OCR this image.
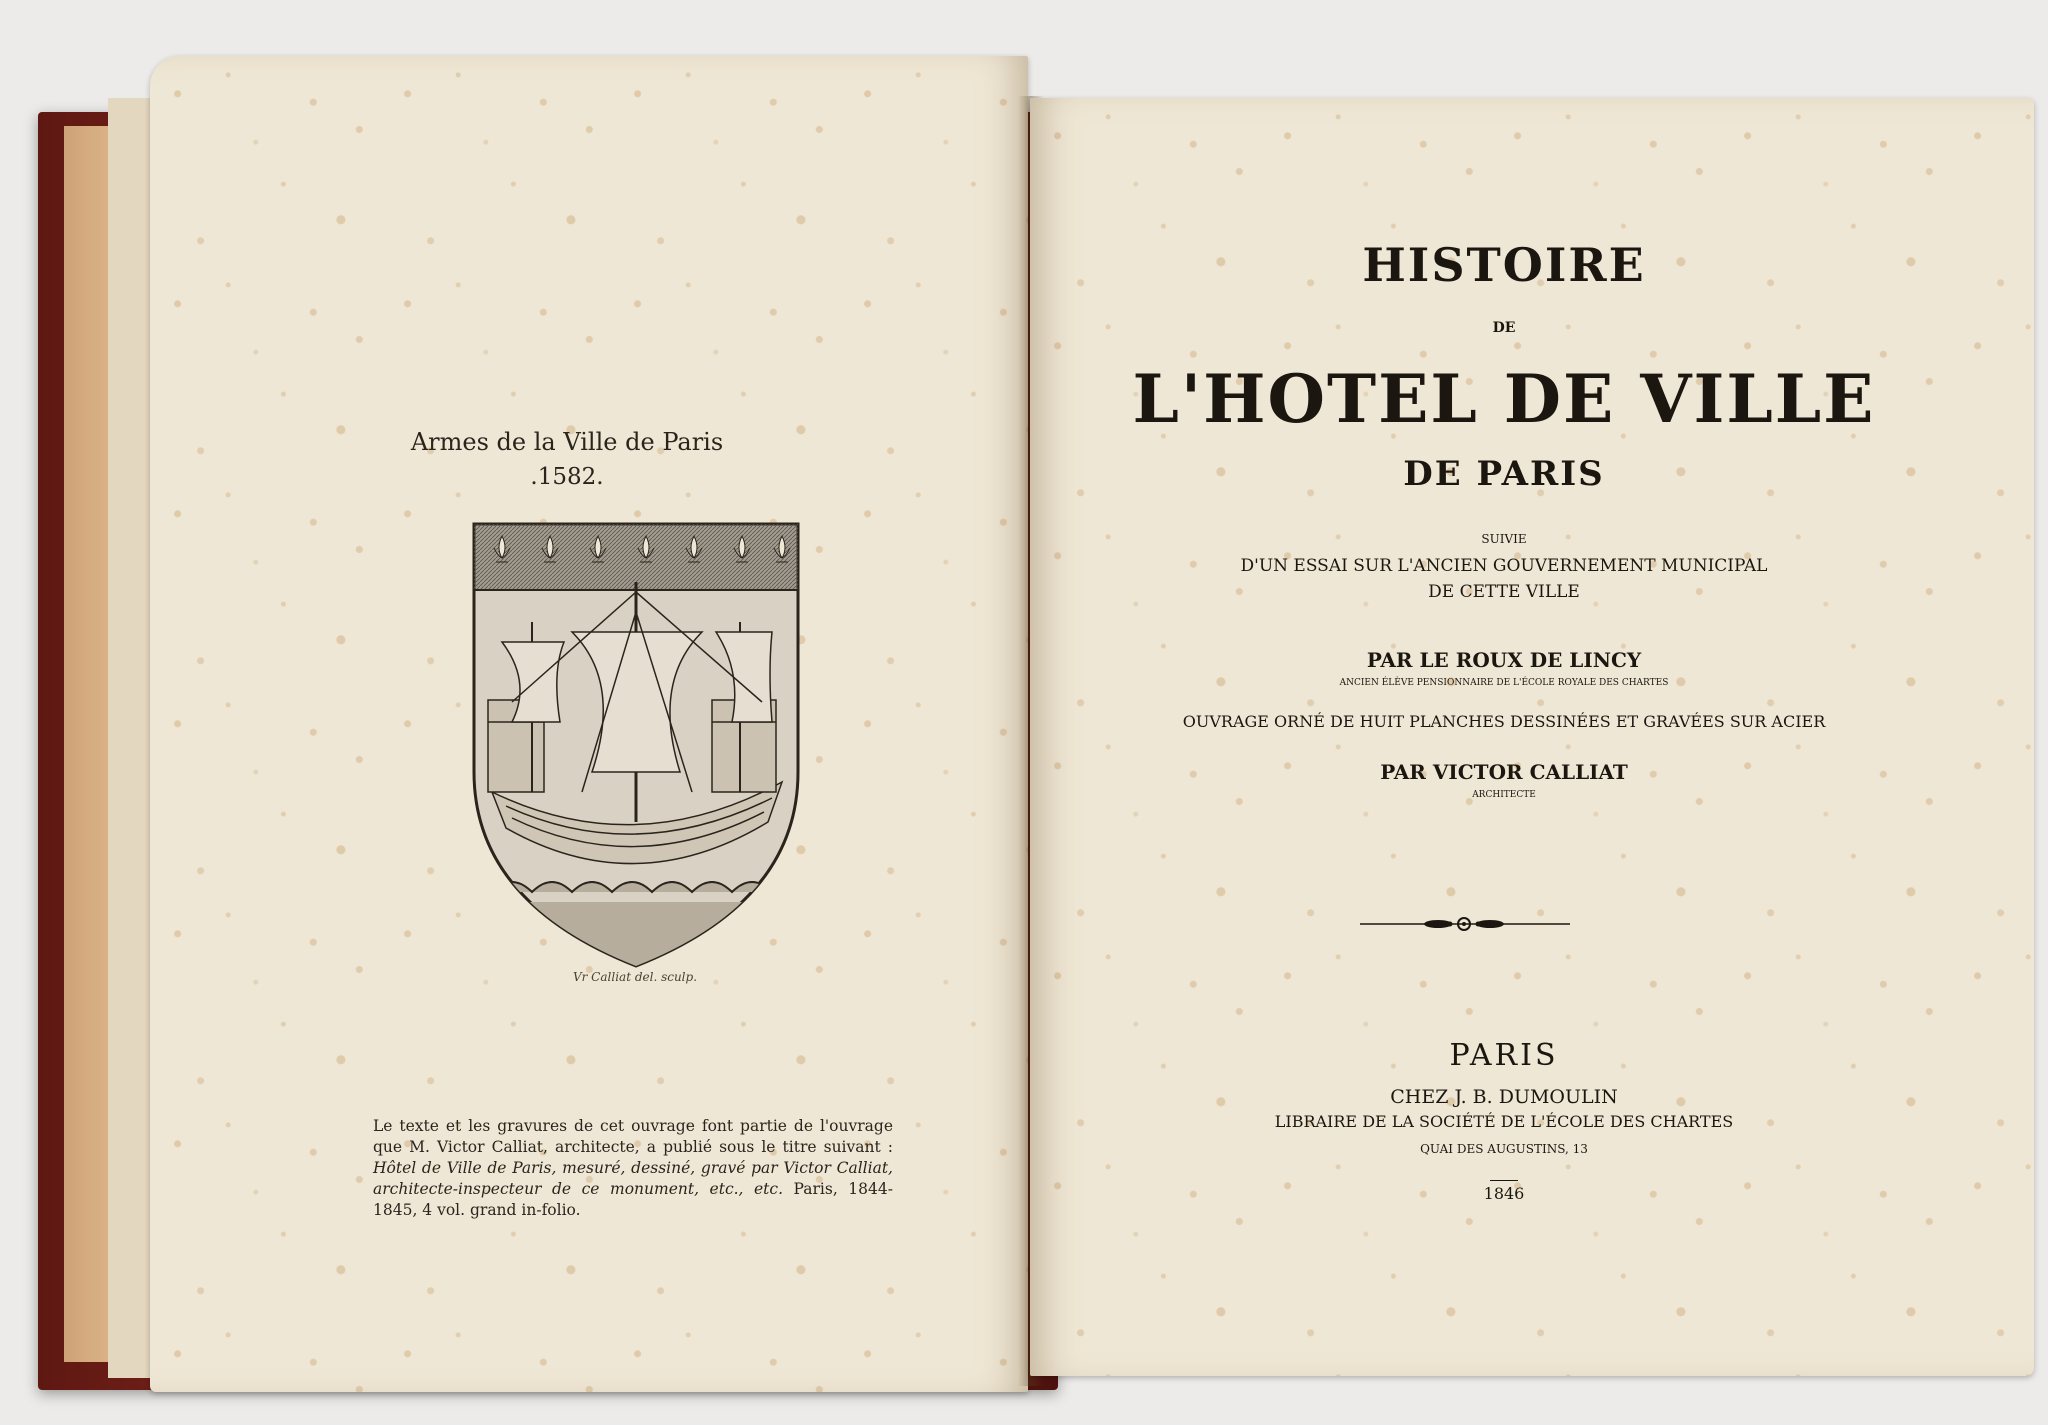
Armes de la Ville de Paris
.1582.
Vr Calliat del. sculp.
Le texte et les gravures de cet ouvrage font partie de l'ouvrage que M. Victor Calliat, architecte, a publié sous le titre suivant : Hôtel de Ville de Paris, mesuré, dessiné, gravé par Victor Calliat, architecte-inspecteur de ce monument, etc., etc. Paris, 1844-1845, 4 vol. grand in-folio.
HISTOIRE
DE
L'HOTEL DE VILLE
DE PARIS
SUIVIE
D'UN ESSAI SUR L'ANCIEN GOUVERNEMENT MUNICIPAL
DE CETTE VILLE
PAR LE ROUX DE LINCY
ANCIEN ÉLÈVE PENSIONNAIRE DE L'ÉCOLE ROYALE DES CHARTES
OUVRAGE ORNÉ DE HUIT PLANCHES DESSINÉES ET GRAVÉES SUR ACIER
PAR VICTOR CALLIAT
ARCHITECTE
PARIS
CHEZ J. B. DUMOULIN
LIBRAIRE DE LA SOCIÉTÉ DE L'ÉCOLE DES CHARTES
QUAI DES AUGUSTINS, 13
1846
